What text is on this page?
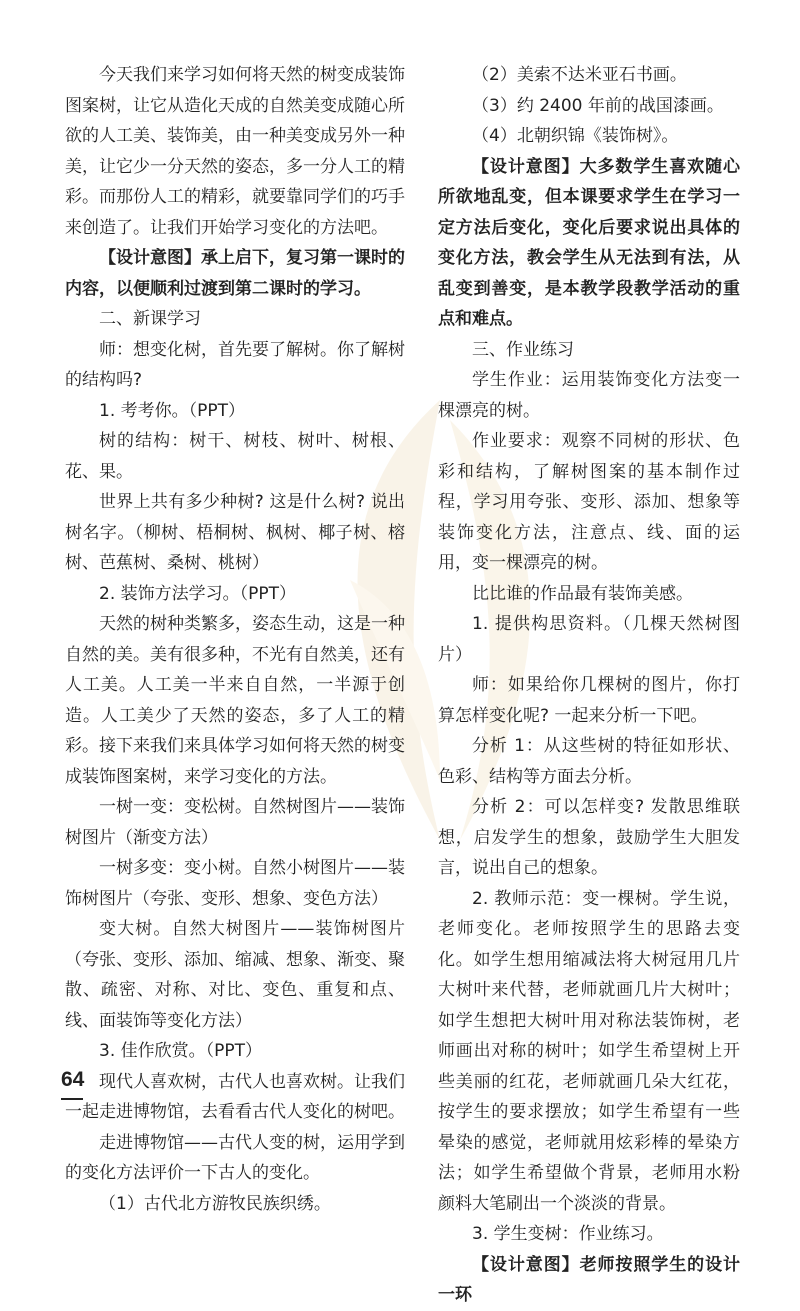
今天我们来学习如何将天然的树变成装饰图案树，让它从造化天成的自然美变成随心所欲的人工美、装饰美，由一种美变成另外一种美，让它少一分天然的姿态，多一分人工的精彩。而那份人工的精彩，就要靠同学们的巧手来创造了。让我们开始学习变化的方法吧。

【设计意图】承上启下，复习第一课时的内容，以便顺利过渡到第二课时的学习。

二、新课学习

师：想变化树，首先要了解树。你了解树的结构吗?

1. 考考你。（PPT）

树的结构：树干、树枝、树叶、树根、花、果。

世界上共有多少种树? 这是什么树? 说出树名字。（柳树、梧桐树、枫树、椰子树、榕树、芭蕉树、桑树、桃树）

2. 装饰方法学习。（PPT）

天然的树种类繁多，姿态生动，这是一种自然的美。美有很多种，不光有自然美，还有人工美。人工美一半来自自然，一半源于创造。人工美少了天然的姿态，多了人工的精彩。接下来我们来具体学习如何将天然的树变成装饰图案树，来学习变化的方法。

一树一变：变松树。自然树图片——装饰树图片（渐变方法）

一树多变：变小树。自然小树图片——装饰树图片（夸张、变形、想象、变色方法）

变大树。自然大树图片——装饰树图片（夸张、变形、添加、缩减、想象、渐变、聚散、疏密、对称、对比、变色、重复和点、线、面装饰等变化方法）

3. 佳作欣赏。（PPT）

现代人喜欢树，古代人也喜欢树。让我们一起走进博物馆，去看看古代人变化的树吧。

走进博物馆——古代人变的树，运用学到的变化方法评价一下古人的变化。

（1）古代北方游牧民族织绣。

（2）美索不达米亚石书画。

（3）约 2400 年前的战国漆画。

（4）北朝织锦《装饰树》。

【设计意图】大多数学生喜欢随心所欲地乱变，但本课要求学生在学习一定方法后变化，变化后要求说出具体的变化方法，教会学生从无法到有法，从乱变到善变，是本教学段教学活动的重点和难点。

三、作业练习

学生作业：运用装饰变化方法变一棵漂亮的树。

作业要求：观察不同树的形状、色彩和结构，了解树图案的基本制作过程，学习用夸张、变形、添加、想象等装饰变化方法，注意点、线、面的运用，变一棵漂亮的树。

比比谁的作品最有装饰美感。

1. 提供构思资料。（几棵天然树图片）

师：如果给你几棵树的图片，你打算怎样变化呢? 一起来分析一下吧。

分析 1：从这些树的特征如形状、色彩、结构等方面去分析。

分析 2：可以怎样变? 发散思维联想，启发学生的想象，鼓励学生大胆发言，说出自己的想象。

2. 教师示范：变一棵树。学生说，老师变化。老师按照学生的思路去变化。如学生想用缩减法将大树冠用几片大树叶来代替，老师就画几片大树叶；如学生想把大树叶用对称法装饰树，老师画出对称的树叶；如学生希望树上开些美丽的红花，老师就画几朵大红花，按学生的要求摆放；如学生希望有一些晕染的感觉，老师就用炫彩棒的晕染方法；如学生希望做个背景，老师用水粉颜料大笔刷出一个淡淡的背景。

3. 学生变树：作业练习。

【设计意图】老师按照学生的设计一环

64
